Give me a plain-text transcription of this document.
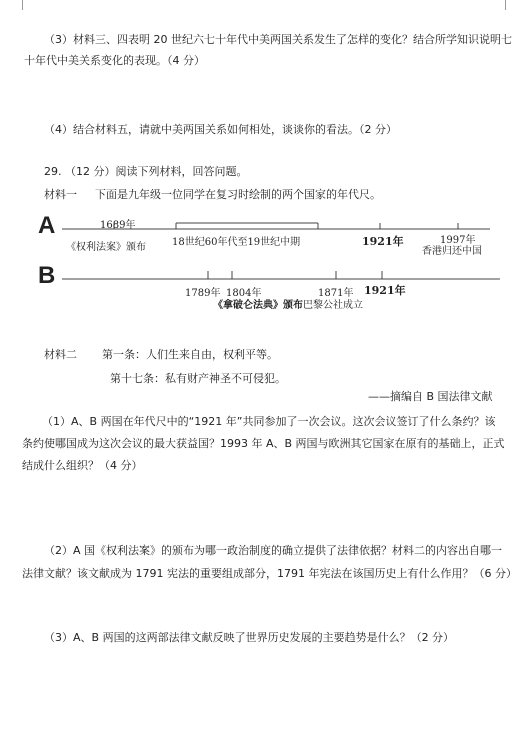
（3）材料三、四表明 20 世纪六七十年代中美两国关系发生了怎样的变化？结合所学知识说明七
十年代中美关系变化的表现。（4 分）
（4）结合材料五，请就中美两国关系如何相处，谈谈你的看法。（2 分）
29. （12 分）阅读下列材料，回答问题。
材料一 下面是九年级一位同学在复习时绘制的两个国家的年代尺。
A
B
1689年
《权利法案》颁布	18世纪60年代至19世纪中期	1921年	1997年
香港归还中国
1789年 1804年
《拿破仑法典》颁布
1871年
巴黎公社成立
1921年
材料二 第一条：人们生来自由，权利平等。
第十七条：私有财产神圣不可侵犯。
——摘编自 B 国法律文献
（1）A、B 两国在年代尺中的“1921 年”共同参加了一次会议。这次会议签订了什么条约？该
条约使哪国成为这次会议的最大获益国？1993 年 A、B 两国与欧洲其它国家在原有的基础上，正式
结成什么组织？（4 分）
（2）A 国《权利法案》的颁布为哪一政治制度的确立提供了法律依据？材料二的内容出自哪一
法律文献？该文献成为 1791 宪法的重要组成部分，1791 年宪法在该国历史上有什么作用？（6 分）
（3）A、B 两国的这两部法律文献反映了世界历史发展的主要趋势是什么？（2 分）
